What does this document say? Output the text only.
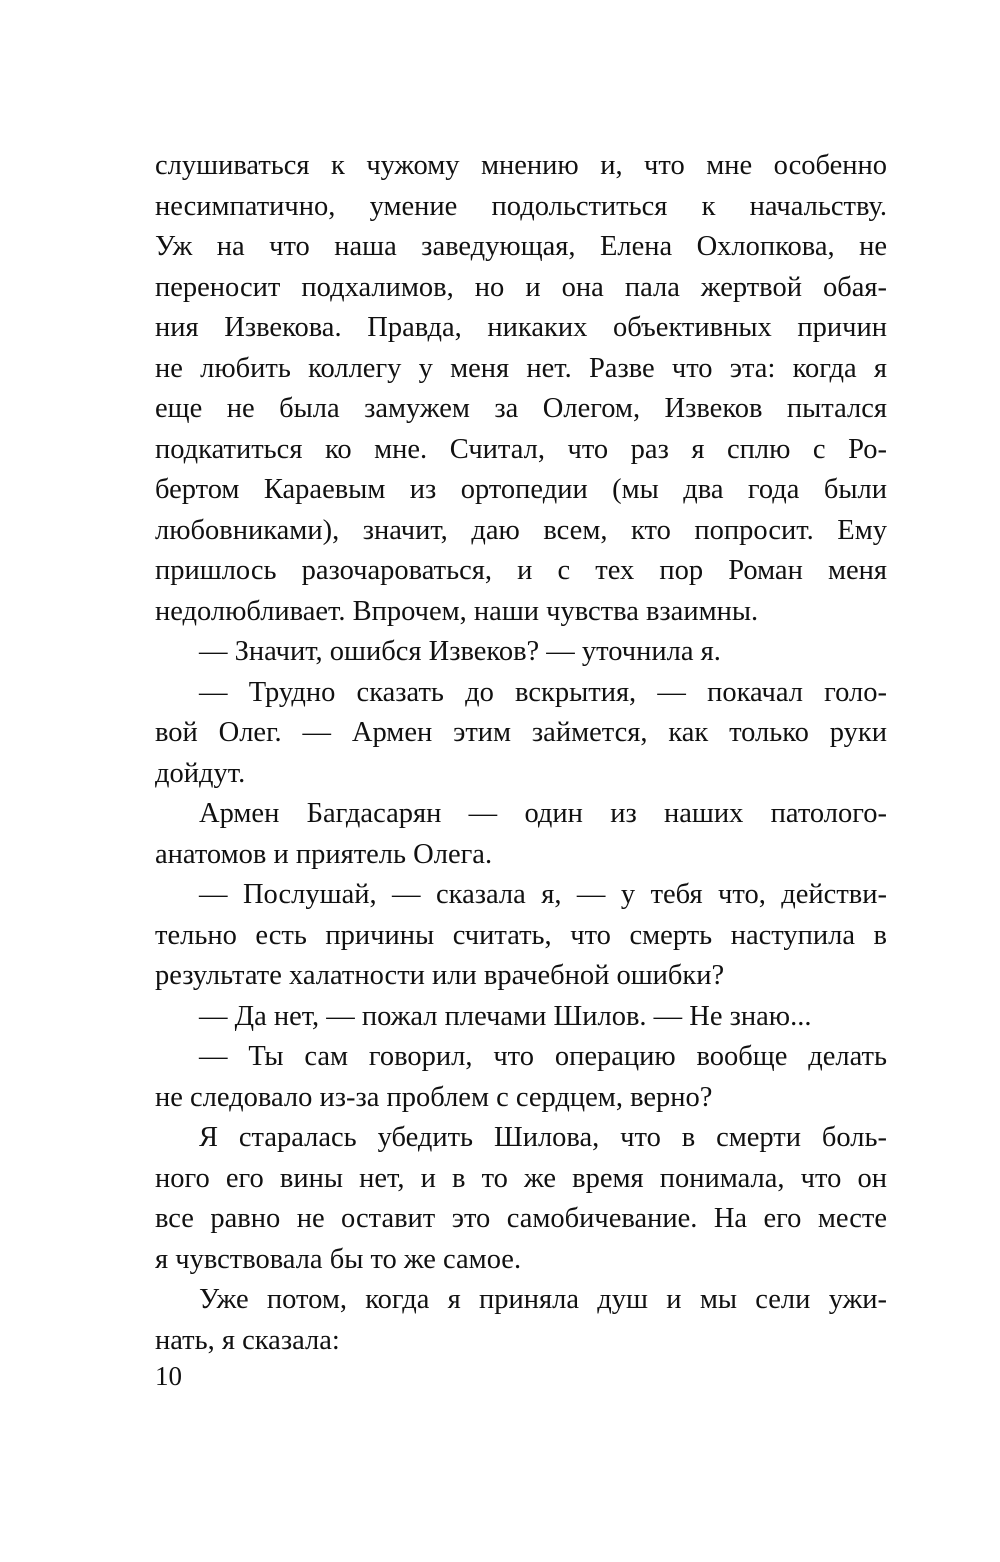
слушиваться к чужому мнению и, что мне особенно
несимпатично, умение подольститься к начальству.
Уж на что наша заведующая, Елена Охлопкова, не
переносит подхалимов, но и она пала жертвой обая-
ния Извекова. Правда, никаких объективных причин
не любить коллегу у меня нет. Разве что эта: когда я
еще не была замужем за Олегом, Извеков пытался
подкатиться ко мне. Считал, что раз я сплю с Ро-
бертом Караевым из ортопедии (мы два года были
любовниками), значит, даю всем, кто попросит. Ему
пришлось разочароваться, и с тех пор Роман меня
недолюбливает. Впрочем, наши чувства взаимны.
— Значит, ошибся Извеков? — уточнила я.
— Трудно сказать до вскрытия, — покачал голо-
вой Олег. — Армен этим займется, как только руки
дойдут.
Армен Багдасарян — один из наших патолого-
анатомов и приятель Олега.
— Послушай, — сказала я, — у тебя что, действи-
тельно есть причины считать, что смерть наступила в
результате халатности или врачебной ошибки?
— Да нет, — пожал плечами Шилов. — Не знаю...
— Ты сам говорил, что операцию вообще делать
не следовало из-за проблем с сердцем, верно?
Я старалась убедить Шилова, что в смерти боль-
ного его вины нет, и в то же время понимала, что он
все равно не оставит это самобичевание. На его месте
я чувствовала бы то же самое.
Уже потом, когда я приняла душ и мы сели ужи-
нать, я сказала:
10
